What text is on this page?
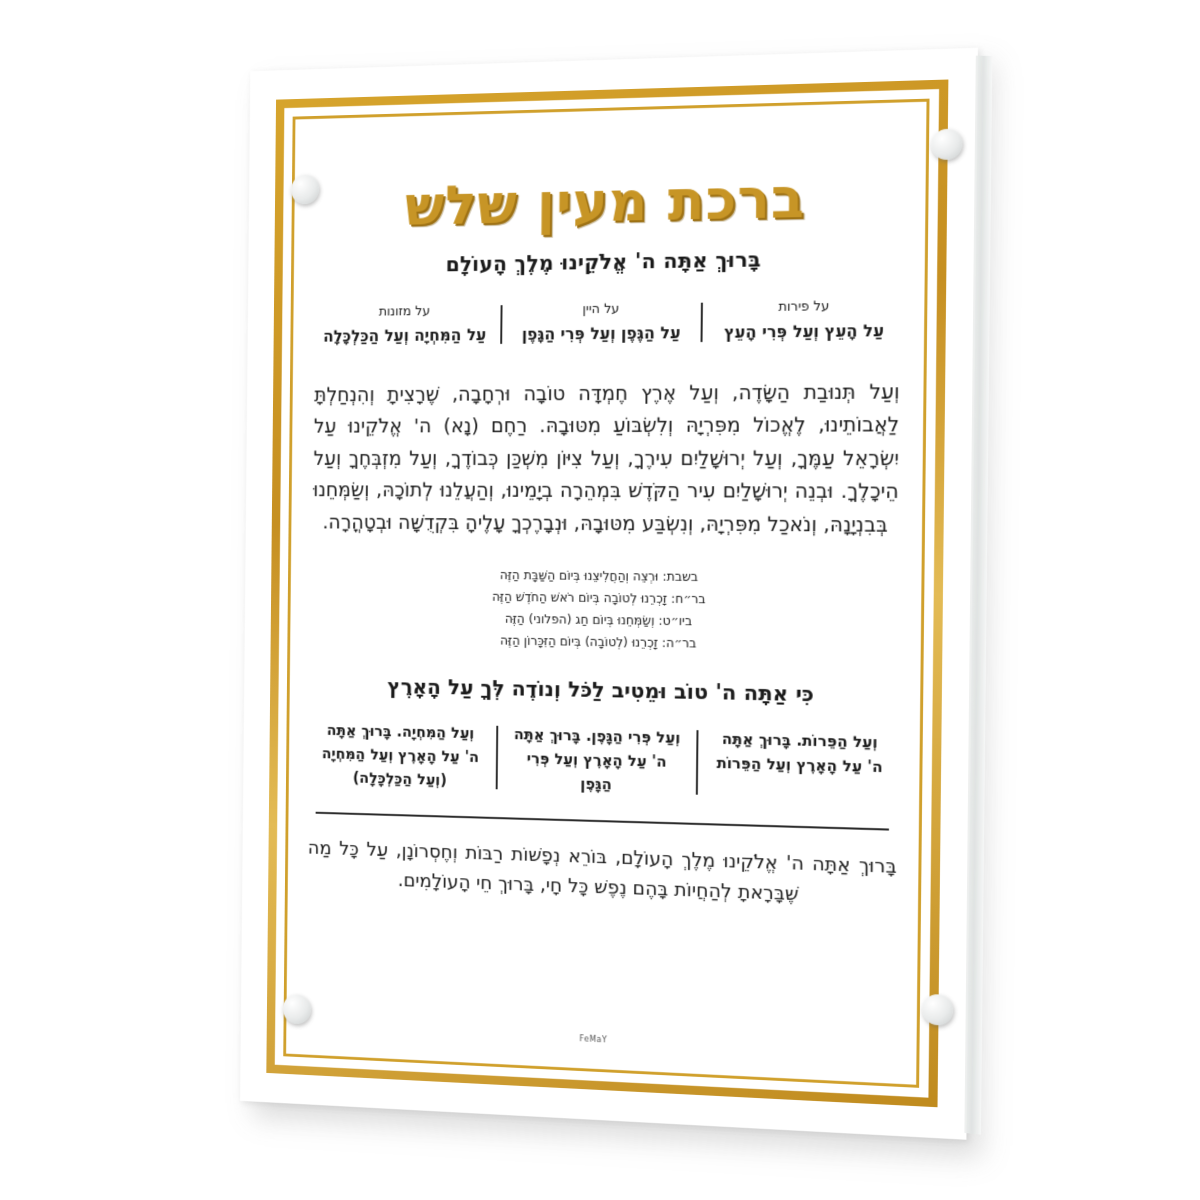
ברכת מעין שלש
בָּרוּךְ אַתָּה ה' אֱלֹקֵינוּ מֶלֶךְ הָעוֹלָם
על פירות
עַל הָעֵץ וְעַל פְּרִי הָעֵץ
על היין
עַל הַגֶּפֶן וְעַל פְּרִי הַגָּפֶן
על מזונות
עַל הַמִּחְיָה וְעַל הַכַּלְכָּלָה
וְעַל תְּנוּבַת הַשָּׂדֶה, וְעַל אֶרֶץ חֶמְדָּה טוֹבָה וּרְחָבָה, שֶׁרָצִיתָ וְהִנְחַלְתָּ לַאֲבוֹתֵינוּ, לֶאֱכוֹל מִפִּרְיָהּ וְלִשְׂבּוֹעַ מִטּוּבָהּ. רַחֶם (נָא) ה' אֱלֹקֵינוּ עַל יִשְׂרָאֵל עַמֶּךָ, וְעַל יְרוּשָׁלַיִם עִירֶךָ, וְעַל צִיּוֹן מִשְׁכַּן כְּבוֹדֶךָ, וְעַל מִזְבְּחֶךָ וְעַל הֵיכָלֶךָ. וּבְנֵה יְרוּשָׁלַיִם עִיר הַקֹּדֶשׁ בִּמְהֵרָה בְיָמֵינוּ, וְהַעֲלֵנוּ לְתוֹכָהּ, וְשַׂמְּחֵנוּ בְּבִנְיָנָהּ, וְנֹאכַל מִפִּרְיָהּ, וְנִשְׂבַּע מִטּוּבָהּ, וּנְבָרֶכְךָ עָלֶיהָ בִּקְדֻשָּׁה וּבְטָהֳרָה.
בשבת: וּרְצֵה וְהַחֲלִיצֵנוּ בְּיוֹם הַשַּׁבָּת הַזֶּה
בר״ח: זָכְרֵנוּ לְטוֹבָה בְּיוֹם רֹאשׁ הַחֹדֶשׁ הַזֶּה
ביו״ט: וְשַׂמְּחֵנוּ בְּיוֹם חַג (הפלוני) הַזֶּה
בר״ה: זָכְרֵנוּ (לְטוֹבָה) בְּיוֹם הַזִּכָּרוֹן הַזֶּה
כִּי אַתָּה ה' טוֹב וּמֵטִיב לַכֹּל וְנוֹדֶה לְּךָ עַל הָאָרֶץ
וְעַל הַפֵּרוֹת. בָּרוּךְ אַתָּה ה' עַל הָאָרֶץ וְעַל הַפֵּרוֹת
וְעַל פְּרִי הַגָּפֶן. בָּרוּךְ אַתָּה ה' עַל הָאָרֶץ וְעַל פְּרִי הַגָּפֶן
וְעַל הַמִּחְיָה. בָּרוּךְ אַתָּה ה' עַל הָאָרֶץ וְעַל הַמִּחְיָה (וְעַל הַכַּלְכָּלָה)
בָּרוּךְ אַתָּה ה' אֱלֹקֵינוּ מֶלֶךְ הָעוֹלָם, בּוֹרֵא נְפָשׁוֹת רַבּוֹת וְחֶסְרוֹנָן, עַל כָּל מַה שֶּׁבָּרָאתָ לְהַחֲיוֹת בָּהֶם נֶפֶשׁ כָּל חָי, בָּרוּךְ חֵי הָעוֹלָמִים.
FeMaY
